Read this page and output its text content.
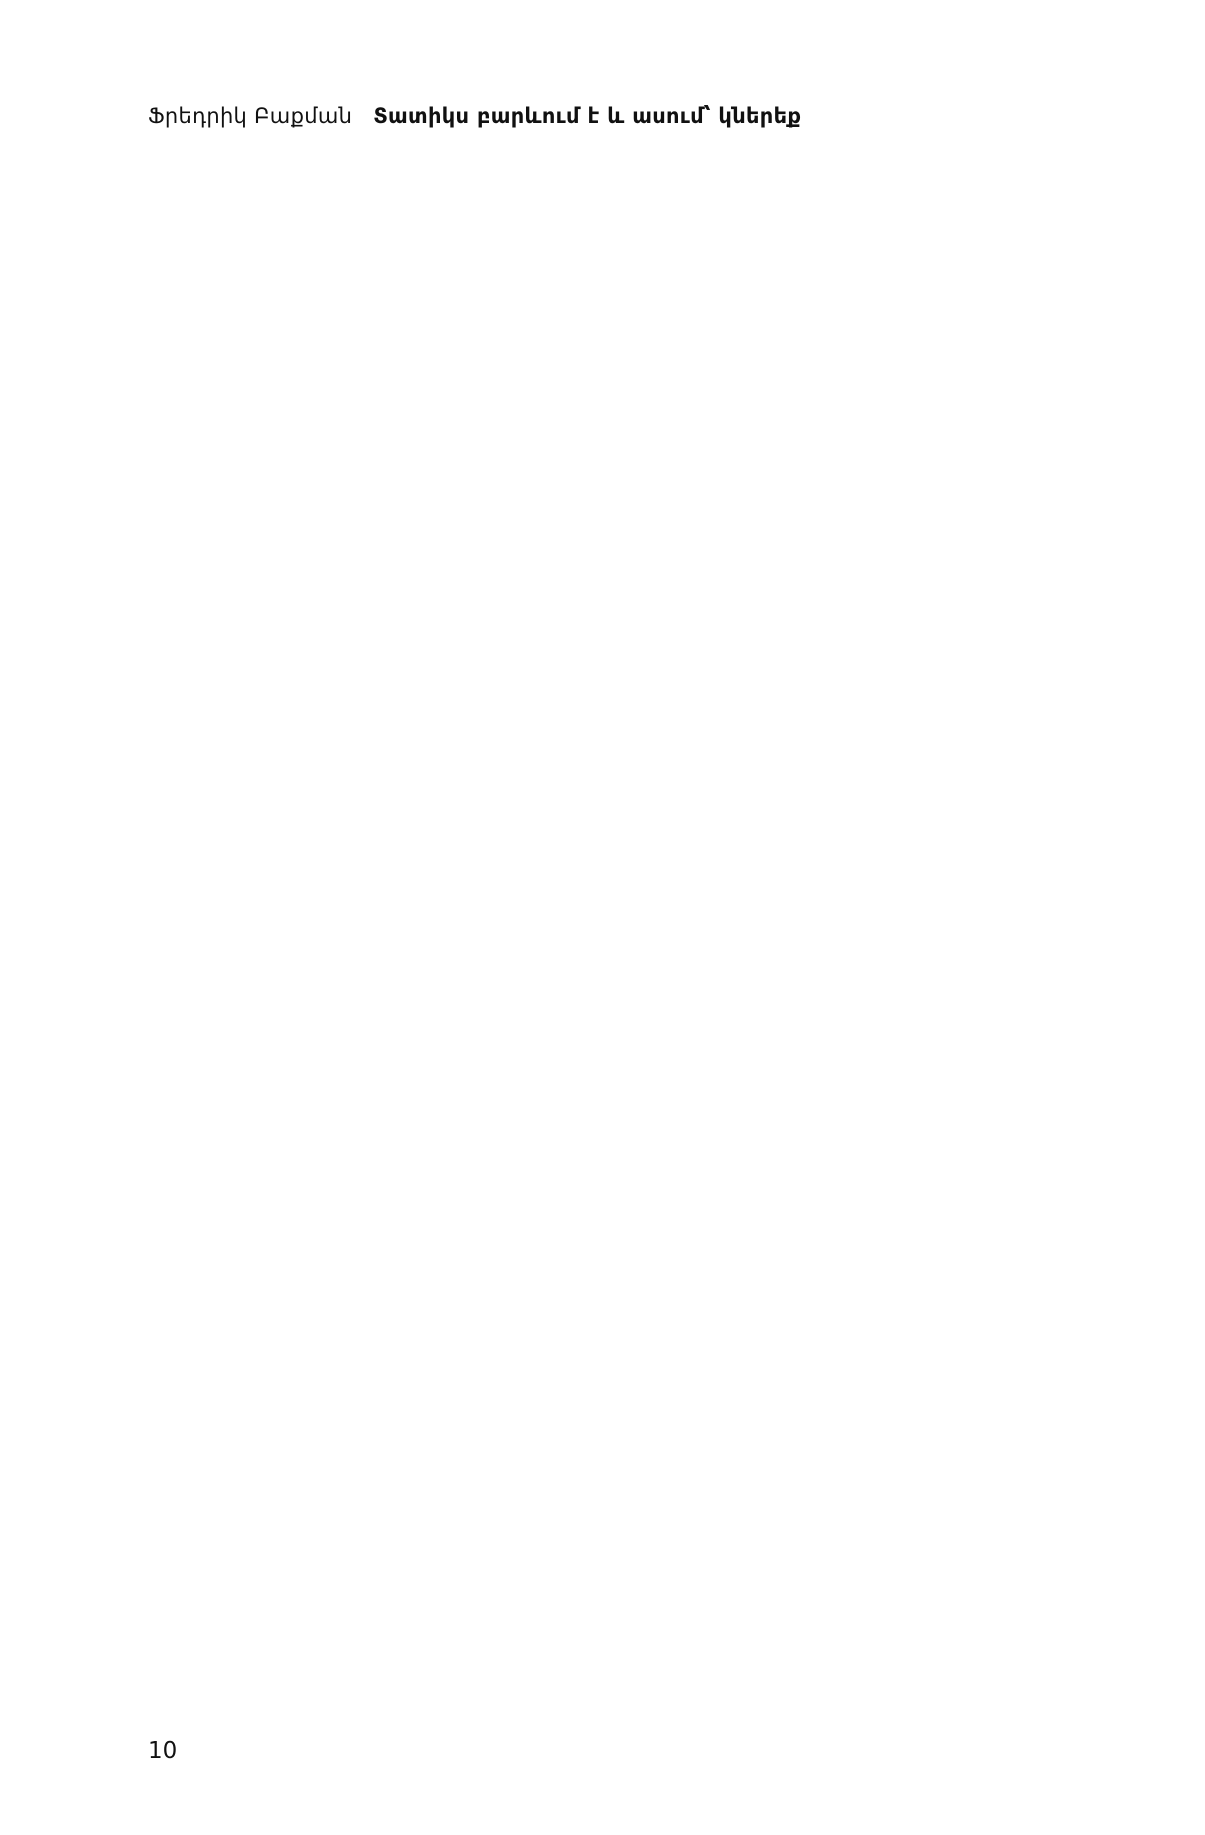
Ֆրեդրիկ Բաքման Տատիկս բարևում է և ասում՝ կներեք
10
